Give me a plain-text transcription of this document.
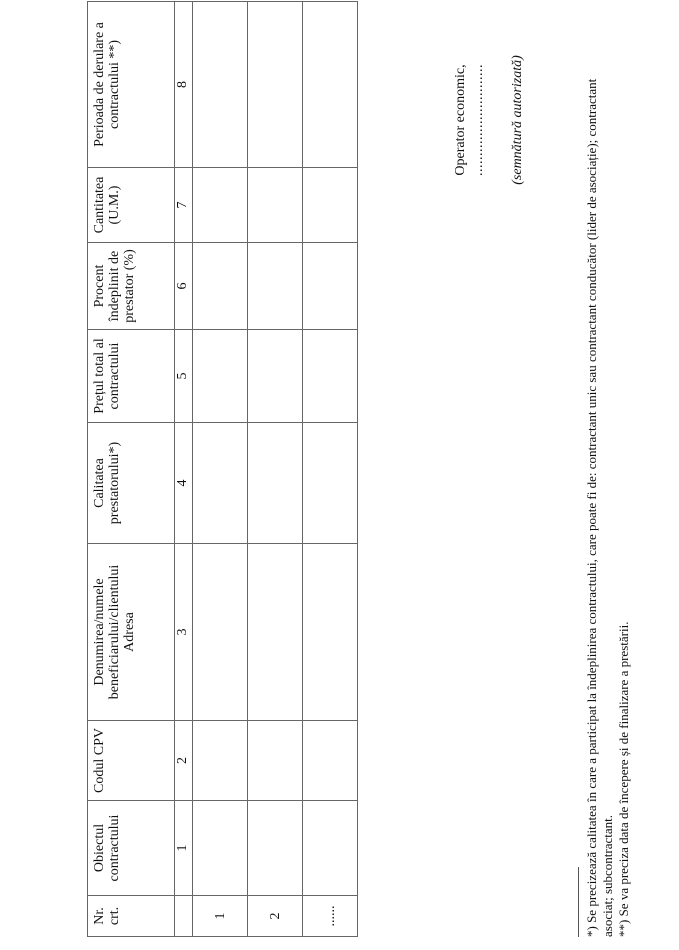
Nr. crt.	Obiectul contractului	Codul CPV	Denumirea/numele beneficiarului/clientului Adresa	Calitatea prestatorului*)	Prețul total al contractului	Procent îndeplinit de prestator (%)	Cantitatea (U.M.)	Perioada de derulare a contractului **)
	1	2	3	4	5	6	7	8
1								
2								
......								
Operator economic, ............................ (semnătură autorizată)	*) Se precizează calitatea în care a participat la îndeplinirea contractului, care poate fi de: contractant unic sau contractant conducător (lider de asociație); contractant asociat; subcontractant. **) Se va preciza data de începere și de finalizare a prestării.
